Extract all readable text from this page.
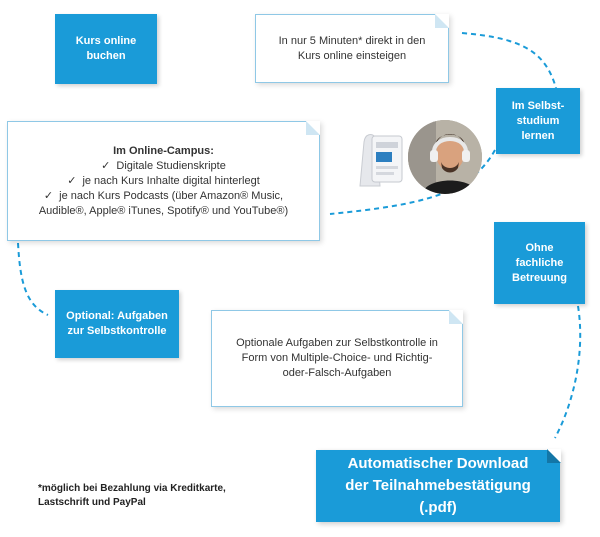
Kurs online buchen
In nur 5 Minuten* direkt in den Kurs online einsteigen
Im Selbst-studium lernen
Im Online-Campus:
✓ Digitale Studienskripte
✓ je nach Kurs Inhalte digital hinterlegt
✓ je nach Kurs Podcasts (über Amazon® Music, Audible®, Apple® iTunes, Spotify® und YouTube®)
Ohne fachliche Betreuung
Optional: Aufgaben zur Selbstkontrolle
Optionale Aufgaben zur Selbstkontrolle in Form von Multiple-Choice- und Richtig-oder-Falsch-Aufgaben
*möglich bei Bezahlung via Kreditkarte, Lastschrift und PayPal
Automatischer Download der Teilnahmebestätigung (.pdf)
